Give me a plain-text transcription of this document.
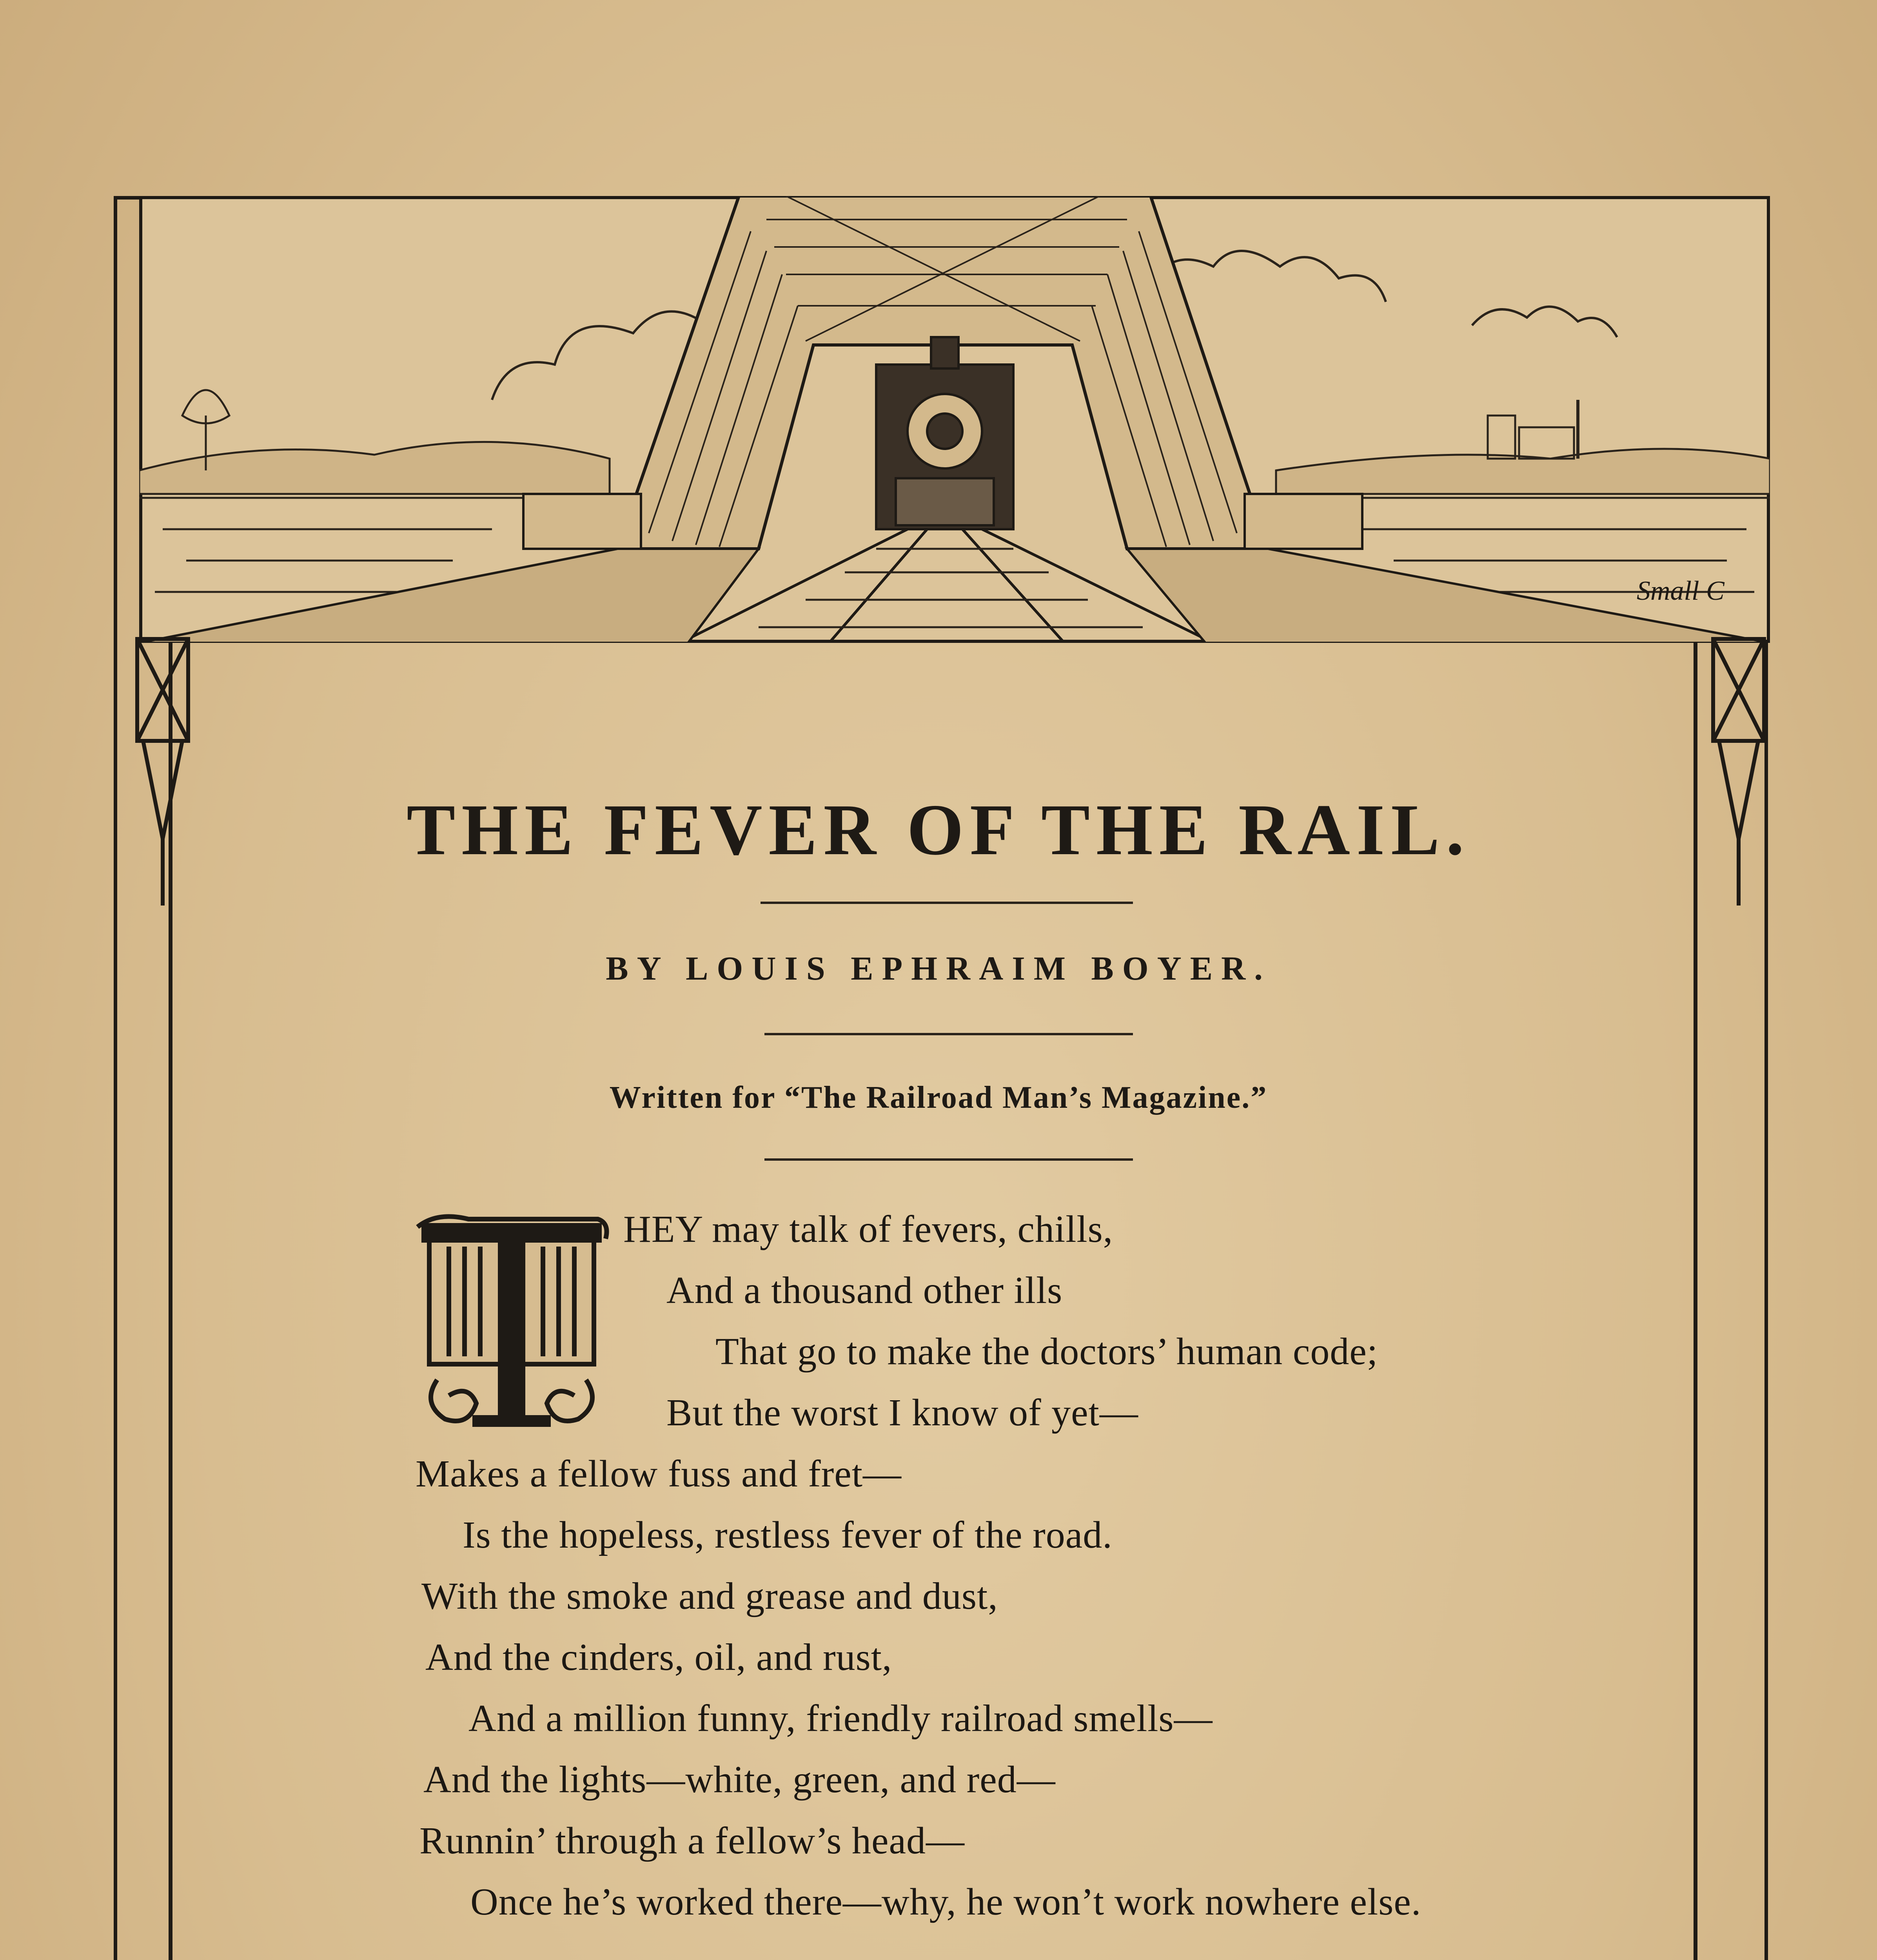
Small C
THE FEVER OF THE RAIL.
BY LOUIS EPHRAIM BOYER.
Written for “The Railroad Man’s Magazine.”
HEY may talk of fevers, chills,
And a thousand other ills
That go to make the doctors’ human code;
But the worst I know of yet—
Makes a fellow fuss and fret—
Is the hopeless, restless fever of the road.
With the smoke and grease and dust,
And the cinders, oil, and rust,
And a million funny, friendly railroad smells—
And the lights—white, green, and red—
Runnin’ through a fellow’s head—
Once he’s worked there—why, he won’t work nowhere else.
